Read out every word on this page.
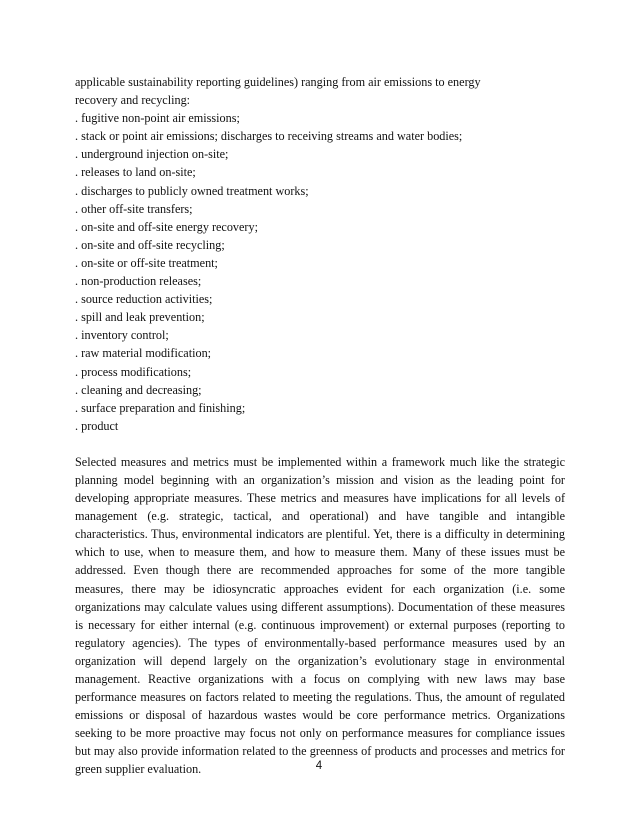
applicable sustainability reporting guidelines) ranging from air emissions to energy
recovery and recycling:
. fugitive non-point air emissions;
. stack or point air emissions; discharges to receiving streams and water bodies;
. underground injection on-site;
. releases to land on-site;
. discharges to publicly owned treatment works;
. other off-site transfers;
. on-site and off-site energy recovery;
. on-site and off-site recycling;
. on-site or off-site treatment;
. non-production releases;
. source reduction activities;
. spill and leak prevention;
. inventory control;
. raw material modification;
. process modifications;
. cleaning and decreasing;
. surface preparation and finishing;
. product

Selected measures and metrics must be implemented within a framework much like the strategic planning model beginning with an organization’s mission and vision as the leading point for developing appropriate measures. These metrics and measures have implications for all levels of management (e.g. strategic, tactical, and operational) and have tangible and intangible characteristics. Thus, environmental indicators are plentiful. Yet, there is a difficulty in determining which to use, when to measure them, and how to measure them. Many of these issues must be addressed. Even though there are recommended approaches for some of the more tangible measures, there may be idiosyncratic approaches evident for each organization (i.e. some organizations may calculate values using different assumptions). Documentation of these measures is necessary for either internal (e.g. continuous improvement) or external purposes (reporting to regulatory agencies). The types of environmentally-based performance measures used by an organization will depend largely on the organization’s evolutionary stage in environmental management. Reactive organizations with a focus on complying with new laws may base performance measures on factors related to meeting the regulations. Thus, the amount of regulated emissions or disposal of hazardous wastes would be core performance metrics. Organizations seeking to be more proactive may focus not only on performance measures for compliance issues but may also provide information related to the greenness of products and processes and metrics for green supplier evaluation.	4
